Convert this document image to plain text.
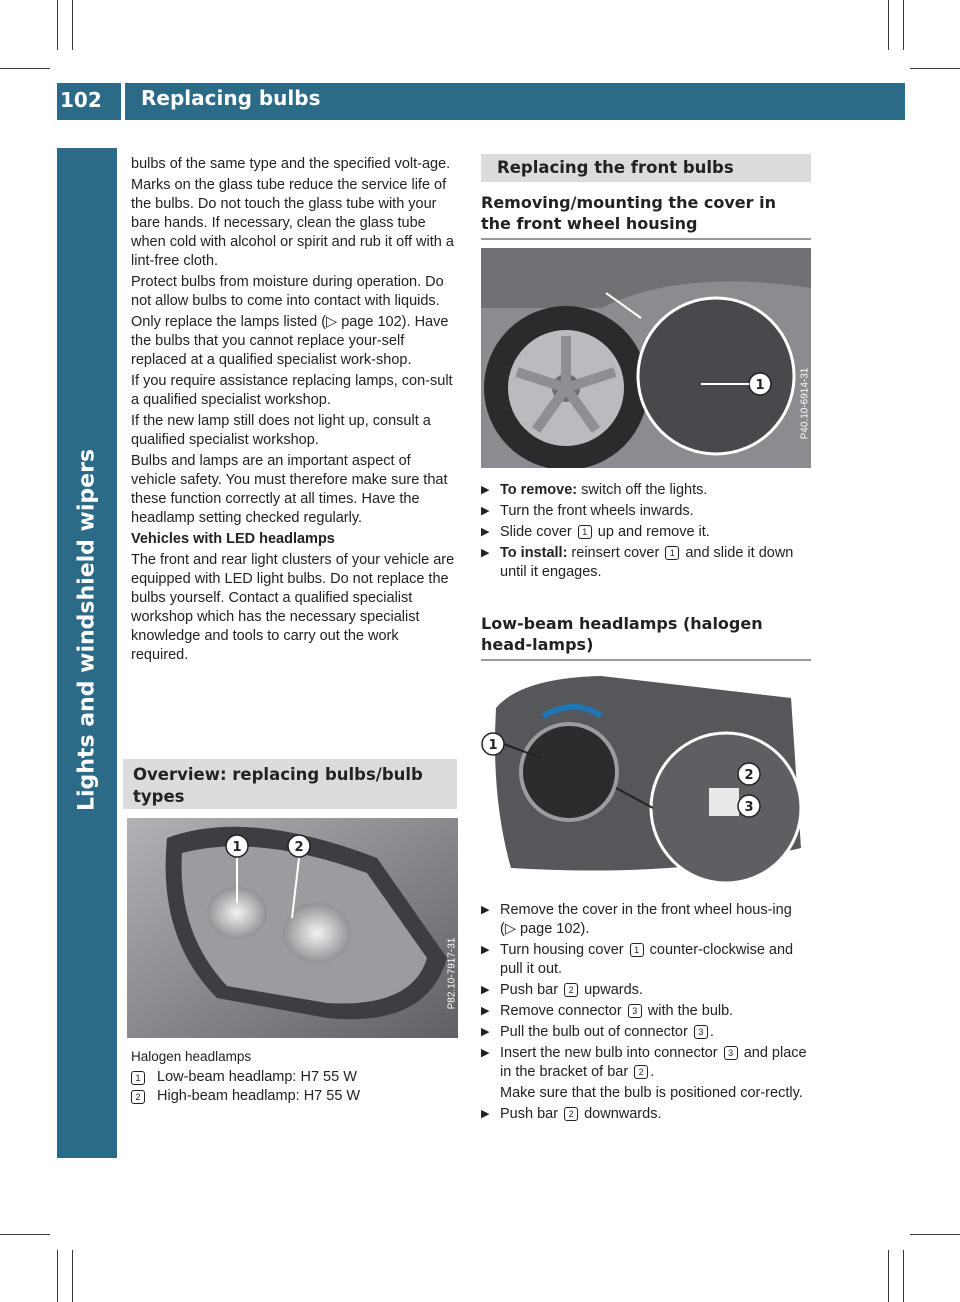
102 Replacing bulbs
Lights and windshield wipers

bulbs of the same type and the specified volt-age.

Marks on the glass tube reduce the service life of the bulbs. Do not touch the glass tube with your bare hands. If necessary, clean the glass tube when cold with alcohol or spirit and rub it off with a lint-free cloth.

Protect bulbs from moisture during operation. Do not allow bulbs to come into contact with liquids.

Only replace the lamps listed (▷ page 102). Have the bulbs that you cannot replace your-self replaced at a qualified specialist work-shop.

If you require assistance replacing lamps, con-sult a qualified specialist workshop.

If the new lamp still does not light up, consult a qualified specialist workshop.

Bulbs and lamps are an important aspect of vehicle safety. You must therefore make sure that these function correctly at all times. Have the headlamp setting checked regularly.

Vehicles with LED headlamps

The front and rear light clusters of your vehicle are equipped with LED light bulbs. Do not replace the bulbs yourself. Contact a qualified specialist workshop which has the necessary specialist knowledge and tools to carry out the work required.

Overview: replacing bulbs/bulb types
1	2
P82.10-7917-31

Halogen headlamps

1	Low-beam headlamp: H7 55 W
2	High-beam headlamp: H7 55 W
Replacing the front bulbs
Removing/mounting the cover in the front wheel housing
1	P40.10-6914-31
▶ To remove: switch off the lights.
▶ Turn the front wheels inwards.
▶ Slide cover 1 up and remove it.
▶ To install: reinsert cover 1 and slide it down until it engages.
Low-beam headlamps (halogen head-lamps)
1
2
3	P54.35-2286-31
▶ Remove the cover in the front wheel hous-ing (▷ page 102).
▶ Turn housing cover 1 counter-clockwise and pull it out.
▶ Push bar 2 upwards.
▶ Remove connector 3 with the bulb.
▶ Pull the bulb out of connector 3 .
▶ Insert the new bulb into connector 3 and place in the bracket of bar 2 .
Make sure that the bulb is positioned cor-rectly.
▶ Push bar 2 downwards.
